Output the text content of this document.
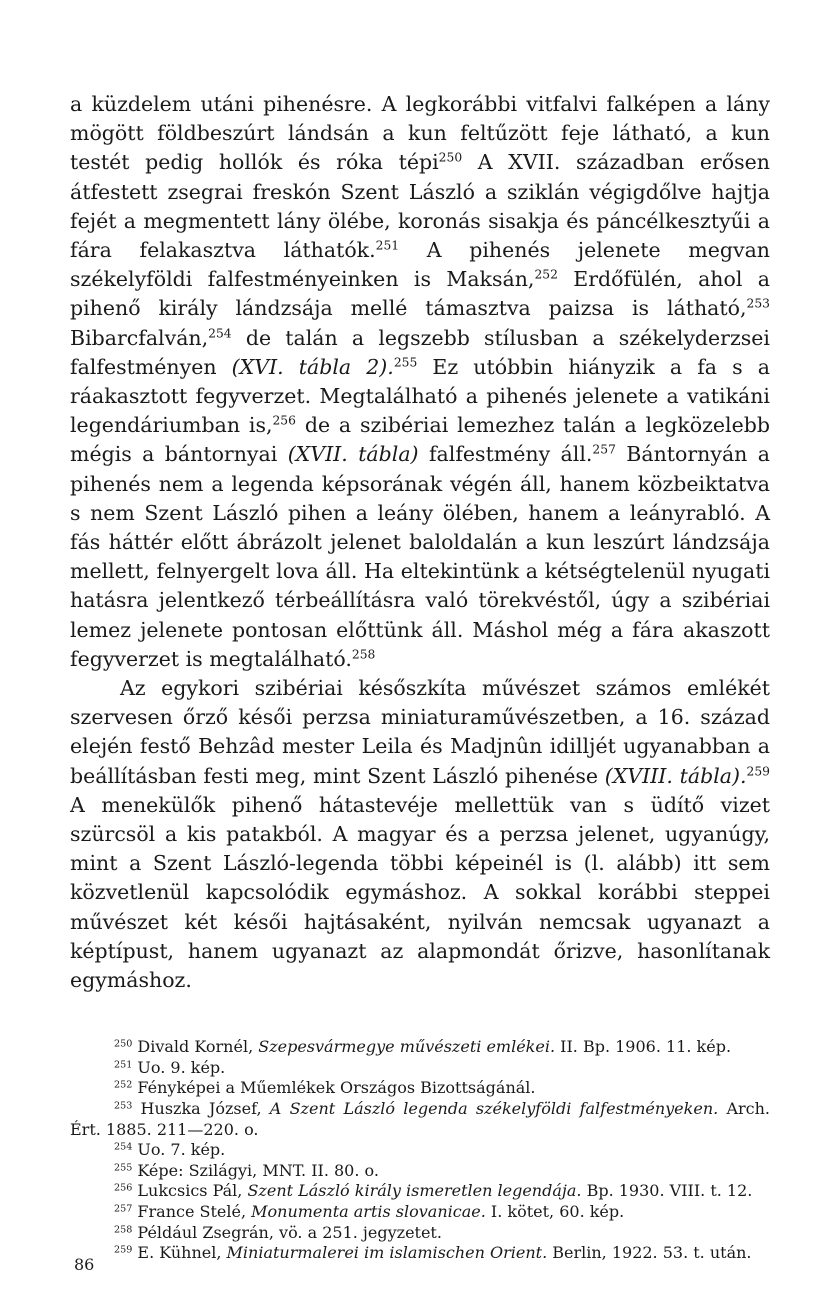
a küzdelem utáni pihenésre. A legkorábbi vitfalvi falképen a lány mögött földbeszúrt lándsán a kun feltűzött feje látható, a kun testét pedig hollók és róka tépi$^{250}$ A XVII. században erősen átfestett zsegrai freskón Szent László a sziklán végigdőlve hajtja fejét a megmentett lány ölébe, koronás sisakja és páncélkesztyűi a fára felakasztva láthatók.$^{251}$ A pihenés jelenete megvan székelyföldi falfestményeinken is Maksán,$^{252}$ Erdőfülén, ahol a pihenő király lándzsája mellé támasztva paizsa is látható,$^{253}$ Bibarcfalván,$^{254}$ de talán a legszebb stílusban a székelyderzsei falfestményen (XVI. tábla 2).$^{255}$ Ez utóbbin hiányzik a fa s a ráakasztott fegyverzet. Megtalálható a pihenés jelenete a vatikáni legendáriumban is,$^{256}$ de a szibériai lemezhez talán a legközelebb mégis a bántornyai (XVII. tábla) falfestmény áll.$^{257}$ Bántornyán a pihenés nem a legenda képsorának végén áll, hanem közbeiktatva s nem Szent László pihen a leány ölében, hanem a leányrabló. A fás háttér előtt ábrázolt jelenet baloldalán a kun leszúrt lándzsája mellett, felnyergelt lova áll. Ha eltekintünk a kétségtelenül nyugati hatásra jelentkező térbeállításra való törekvéstől, úgy a szibériai lemez jelenete pontosan előttünk áll. Máshol még a fára akaszott fegyverzet is megtalálható.$^{258}$

Az egykori szibériai későszkíta művészet számos emlékét szervesen őrző késői perzsa miniaturaművészetben, a 16. század elején festő Behzâd mester Leila és Madjnûn idilljét ugyanabban a beállításban festi meg, mint Szent László pihenése (XVIII. tábla).$^{259}$ A menekülők pihenő hátastevéje mellettük van s üdítő vizet szürcsöl a kis patakból. A magyar és a perzsa jelenet, ugyanúgy, mint a Szent László-legenda többi képeinél is (l. alább) itt sem közvetlenül kapcsolódik egymáshoz. A sokkal korábbi steppei művészet két késői hajtásaként, nyilván nemcsak ugyanazt a képtípust, hanem ugyanazt az alapmondát őrizve, hasonlítanak egymáshoz.

$^{250}$ Divald Kornél, Szepesvármegye művészeti emlékei. II. Bp. 1906. 11. kép.

$^{251}$ Uo. 9. kép.

$^{252}$ Fényképei a Műemlékek Országos Bizottságánál.

$^{253}$ Huszka József, A Szent László legenda székelyföldi falfestményeken. Arch. Ért. 1885. 211—220. o.

$^{254}$ Uo. 7. kép.

$^{255}$ Képe: Szilágyi, MNT. II. 80. o.

$^{256}$ Lukcsics Pál, Szent László király ismeretlen legendája. Bp. 1930. VIII. t. 12.

$^{257}$ France Stelé, Monumenta artis slovanicae. I. kötet, 60. kép.

$^{258}$ Például Zsegrán, vö. a 251. jegyzetet.

$^{259}$ E. Kühnel, Miniaturmalerei im islamischen Orient. Berlin, 1922. 53. t. után.

86
